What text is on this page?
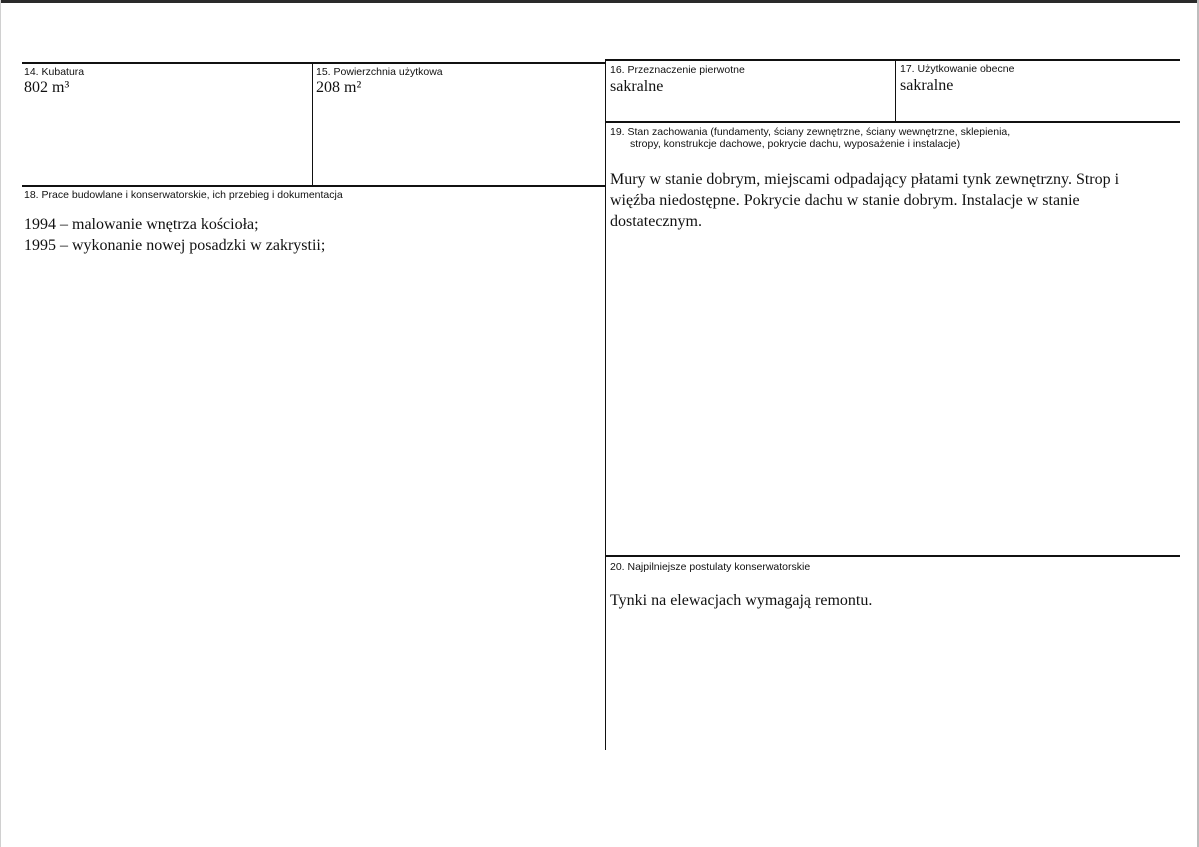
14. Kubatura
802 m³
15. Powierzchnia użytkowa
208 m²
16. Przeznaczenie pierwotne
sakralne
17. Użytkowanie obecne
sakralne
19. Stan zachowania (fundamenty, ściany zewnętrzne, ściany wewnętrzne, sklepienia,
stropy, konstrukcje dachowe, pokrycie dachu, wyposażenie i instalacje)
Mury w stanie dobrym, miejscami odpadający płatami tynk zewnętrzny. Strop i więźba niedostępne. Pokrycie dachu w stanie dobrym. Instalacje w stanie dostatecznym.
18. Prace budowlane i konserwatorskie, ich przebieg i dokumentacja
1994 – malowanie wnętrza kościoła;
1995 – wykonanie nowej posadzki w zakrystii;
20. Najpilniejsze postulaty konserwatorskie
Tynki na elewacjach wymagają remontu.
